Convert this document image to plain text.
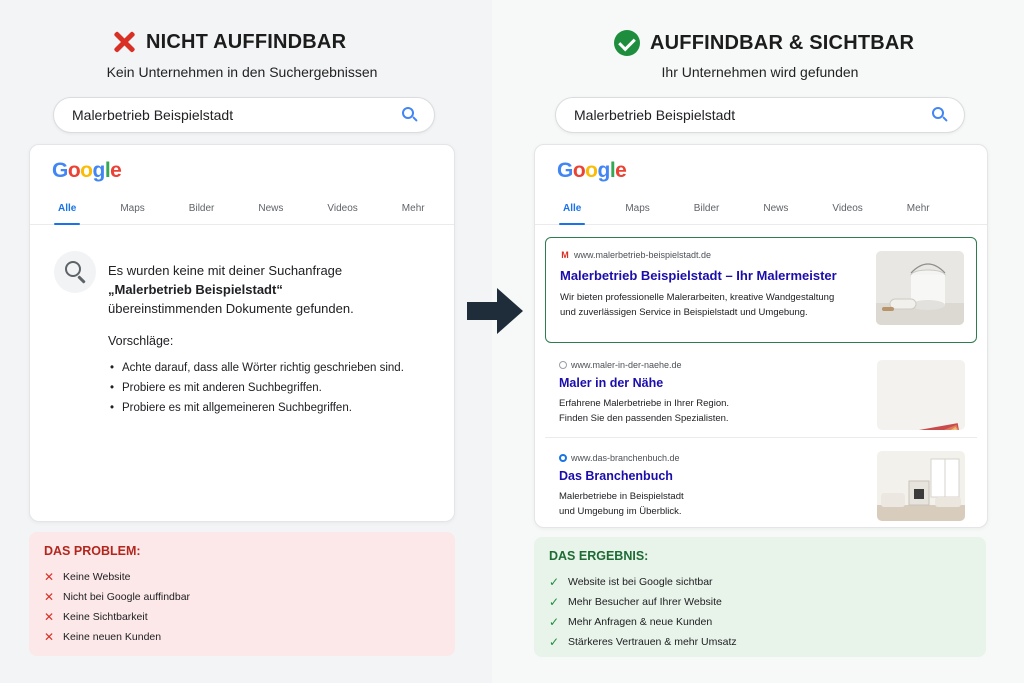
NICHT AUFFINDBAR
Kein Unternehmen in den Suchergebnissen
Malerbetrieb Beispielstadt
Google
Alle	Maps	Bilder	News	Videos	Mehr
Es wurden keine mit deiner Suchanfrage
„Malerbetrieb Beispielstadt“
übereinstimmenden Dokumente gefunden.
Vorschläge:
• Achte darauf, dass alle Wörter richtig geschrieben sind.
• Probiere es mit anderen Suchbegriffen.
• Probiere es mit allgemeineren Suchbegriffen.
DAS PROBLEM:
✕ Keine Website
✕ Nicht bei Google auffindbar
✕ Keine Sichtbarkeit
✕ Keine neuen Kunden
AUFFINDBAR & SICHTBAR
Ihr Unternehmen wird gefunden
Malerbetrieb Beispielstadt
Google
Alle	Maps	Bilder	News	Videos	Mehr
M www.malerbetrieb-beispielstadt.de
Malerbetrieb Beispielstadt – Ihr Malermeister
Wir bieten professionelle Malerarbeiten, kreative Wandgestaltung
und zuverlässigen Service in Beispielstadt und Umgebung.
www.maler-in-der-naehe.de
Maler in der Nähe
Erfahrene Malerbetriebe in Ihrer Region.
Finden Sie den passenden Spezialisten.
www.das-branchenbuch.de
Das Branchenbuch
Malerbetriebe in Beispielstadt
und Umgebung im Überblick.
DAS ERGEBNIS:
✓ Website ist bei Google sichtbar
✓ Mehr Besucher auf Ihrer Website
✓ Mehr Anfragen & neue Kunden
✓ Stärkeres Vertrauen & mehr Umsatz
